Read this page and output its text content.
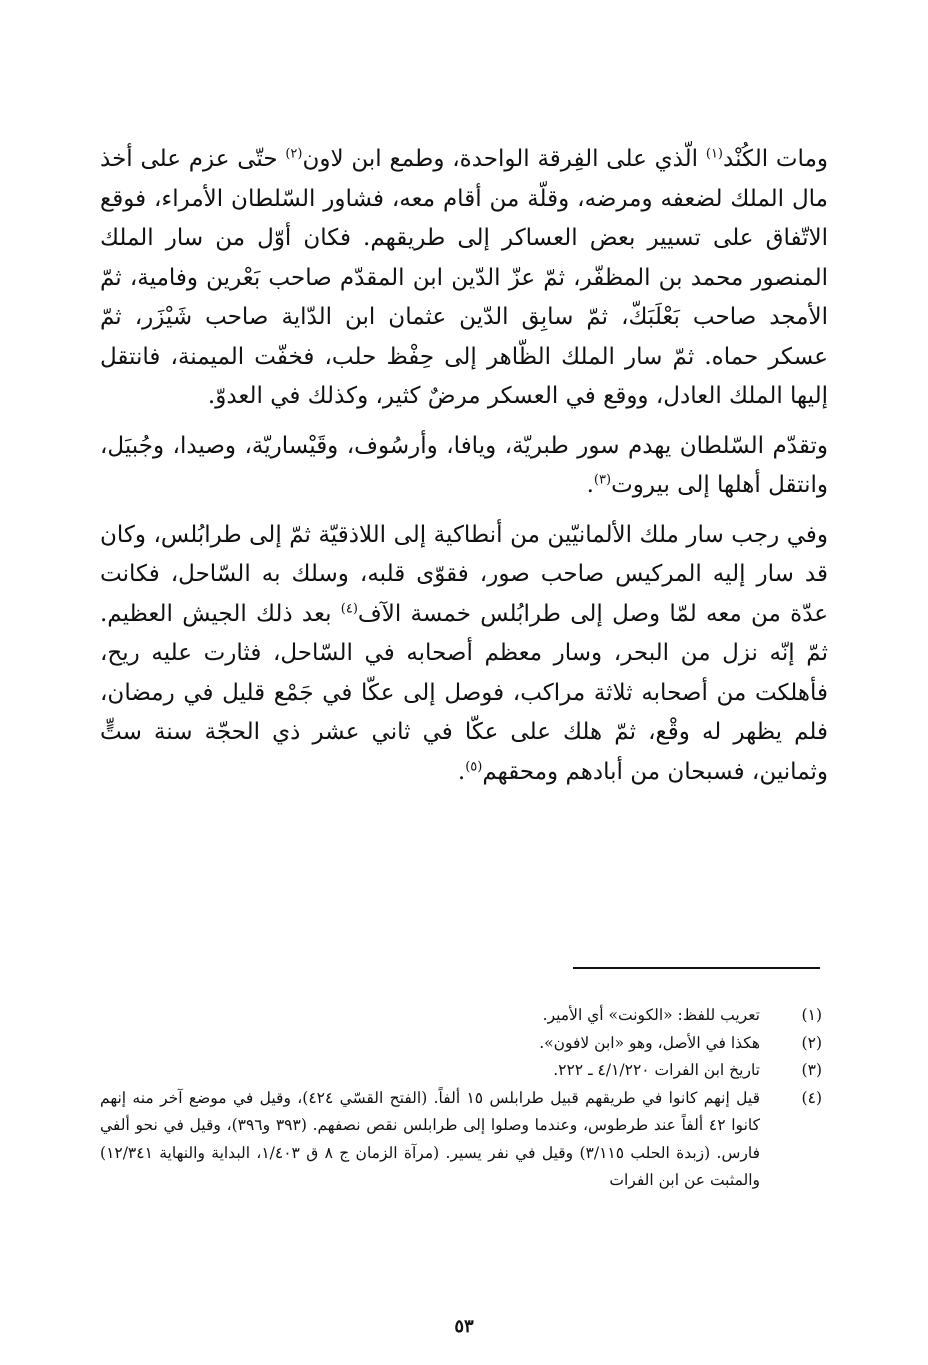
ومات الكُنْد$^{(١)}$ الّذي على الفِرقة الواحدة، وطمع ابن لاون$^{(٢)}$ حتّى عزم على أخذ مال الملك لضعفه ومرضه، وقلّة من أقام معه، فشاور السّلطان الأمراء، فوقع الاتّفاق على تسيير بعض العساكر إلى طريقهم. فكان أوّل من سار الملك المنصور محمد بن المظفّر، ثمّ عزّ الدّين ابن المقدّم صاحب بَعْرين وفامية، ثمّ الأمجد صاحب بَعْلَبَكّ، ثمّ سابِق الدّين عثمان ابن الدّاية صاحب شَيْزَر، ثمّ عسكر حماه. ثمّ سار الملك الظّاهر إلى حِفْظ حلب، فخفّت الميمنة، فانتقل إليها الملك العادل، ووقع في العسكر مرضٌ كثير، وكذلك في العدوّ.

وتقدّم السّلطان يهدم سور طبريّة، ويافا، وأرسُوف، وقَيْساريّة، وصيدا، وجُبيَل، وانتقل أهلها إلى بيروت$^{(٣)}$.

وفي رجب سار ملك الألمانيّين من أنطاكية إلى اللاذقيّة ثمّ إلى طرابُلس، وكان قد سار إليه المركيس صاحب صور، فقوّى قلبه، وسلك به السّاحل، فكانت عدّة من معه لمّا وصل إلى طرابُلس خمسة الآف$^{(٤)}$ بعد ذلك الجيش العظيم. ثمّ إنّه نزل من البحر، وسار معظم أصحابه في السّاحل، فثارت عليه ريح، فأهلكت من أصحابه ثلاثة مراكب، فوصل إلى عكّا في جَمْع قليل في رمضان، فلم يظهر له وقْع، ثمّ هلك على عكّا في ثاني عشر ذي الحجّة سنة ستٍّ وثمانين، فسبحان من أبادهم ومحقهم$^{(٥)}$.

(١)
تعريب للفظ: «الكونت» أي الأمير.
(٢)
هكذا في الأصل، وهو «ابن لافون».
(٣)
تاريخ ابن الفرات ٤/١/٢٢٠ ـ ٢٢٢.
(٤)
قيل إنهم كانوا في طريقهم قبيل طرابلس ١٥ ألفاً. (الفتح القسّي ٤٢٤)، وقيل في موضع آخر منه إنهم كانوا ٤٢ ألفاً عند طرطوس، وعندما وصلوا إلى طرابلس نقص نصفهم. (٣٩٣ و٣٩٦)، وقيل في نحو ألفي فارس. (زبدة الحلب ٣/١١٥) وقيل في نفر يسير. (مرآة الزمان ج ٨ ق ١/٤٠٣، البداية والنهاية ١٢/٣٤١) والمثبت عن ابن الفرات
٥٣
